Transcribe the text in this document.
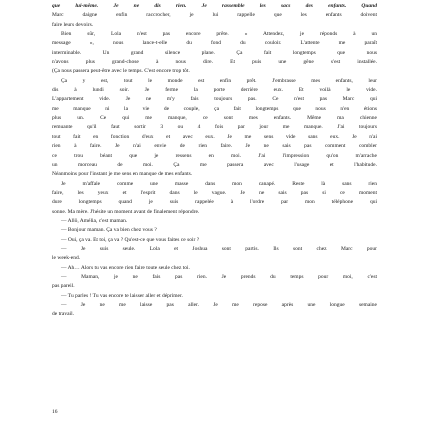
que lui-même. Je ne dis rien. Je rassemble les sacs des enfants. Quand

Marc daigne enfin raccrocher, je lui rappelle que les enfants doivent

faire leurs devoirs.

Bien sûr, Lola n'est pas encore prête. « Attendez, je réponds à un

message », nous lance-t-elle du fond du couloir. L'attente me paraît

interminable. Un grand silence plane. Ça fait longtemps que nous

n'avons plus grand-chose à nous dire. Et puis une gêne s'est installée.

(Ça nous passera peut-être avec le temps. C'est encore trop tôt.

Ça y est, tout le monde est enfin prêt. J'embrasse mes enfants, leur

dis à lundi soir. Je ferme la porte derrière eux. Et voilà le vide.

L'appartement vide. Je ne m'y fais toujours pas. Ce n'est pas Marc qui

me manque ni la vie de couple, ça fait longtemps que nous n'en étions

plus un. Ce qui me manque, ce sont mes enfants. Même ma chienne

remuante qu'il faut sortir 3 ou 4 fois par jour me manque. J'ai toujours

tout fait en fonction d'eux et avec eux. Je me sens vide sans eux. Je n'ai

rien à faire. Je n'ai envie de rien faire. Je ne sais pas comment combler

ce trou béant que je ressens en moi. J'ai l'impression qu'on m'arrache

un morceau de moi. Ça me passera avec l'usage et l'habitude.

Néanmoins pour l'instant je me sens en manque de mes enfants.

Je m'affale comme une masse dans mon canapé. Reste là sans rien

faire, les yeux et l'esprit dans le vague. Je ne sais pas si ce moment

dure longtemps quand je suis rappelée à l'ordre par mon téléphone qui

sonne. Ma mère. J'hésite un moment avant de finalement répondre.

— Allô, Amélia, c'est maman.

— Bonjour maman. Ça va bien chez vous ?

— Oui, ça va. Et toi, ça va ? Qu'est-ce que vous faites ce soir ?

— Je suis seule. Lola et Joshua sont partis. Ils sont chez Marc pour

le week-end.

— Ah… Alors tu vas encore rien faire toute seule chez toi.

— Maman, je ne fais pas rien. Je prends du temps pour moi, c'est

pas pareil.

— Tu parles ! Tu vas encore te laisser aller et déprimer.

— Je ne me laisse pas aller. Je me repose après une longue semaine

de travail.

16
